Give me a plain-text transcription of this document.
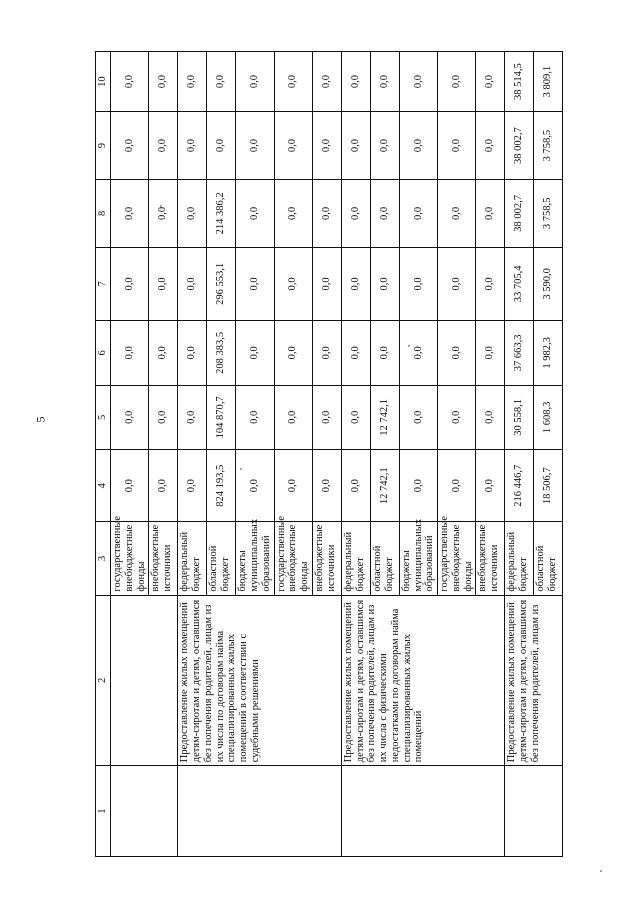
5
1	2	3	4	5	6	7	8	9	10
		государственные внебюджетные фонды	0,0	0,0	0,0	0,0	0,0	0,0	0,0
		внебюджетные источники	0,0	0,0	0,0	0,0	0,0	0,0	0,0
	Предоставление жилых помещений детям-сиротам и детям, оставшимся без попечения родителей, лицам из их числа по договорам найма специализированных жилых помещений в соответствии с судебными решениями	федеральный бюджет	0,0	0,0	0,0	0,0	0,0	0,0	0,0
		областной бюджет	824 193,5	104 870,7	208 383,5	296 553,1	214 386,2	0,0	0,0
		бюджеты муниципальных образований	0,0	0,0	0,0	0,0	0,0	0,0	0,0
		государственные внебюджетные фонды	0,0	0,0	0,0	0,0	0,0	0,0	0,0
		внебюджетные источники	0,0	0,0	0,0	0,0	0,0	0,0	0,0
	Предоставление жилых помещений детям-сиротам и детям, оставшимся без попечения родителей, лицам из их числа с физическими недостатками по договорам найма специализированных жилых помещений	федеральный бюджет	0,0	0,0	0,0	0,0	0,0	0,0	0,0
		областной бюджет	12 742,1	12 742,1	0,0	0,0	0,0	0,0	0,0
		бюджеты муниципальных образований	0,0	0,0	0,0	0,0	0,0	0,0	0,0
		государственные внебюджетные фонды	0,0	0,0	0,0	0,0	0,0	0,0	0,0
		внебюджетные источники	0,0	0,0	0,0	0,0	0,0	0,0	0,0
	Предоставление жилых помещений детям-сиротам и детям, оставшимся без попечения родителей, лицам из	федеральный бюджет	216 446,7	30 558,1	37 663,3	33 705,4	38 002,7	38 002,7	38 514,5
		областной бюджет	18 506,7	1 608,3	1 982,3	3 590,0	3 758,5	3 758,5	3 809,1
